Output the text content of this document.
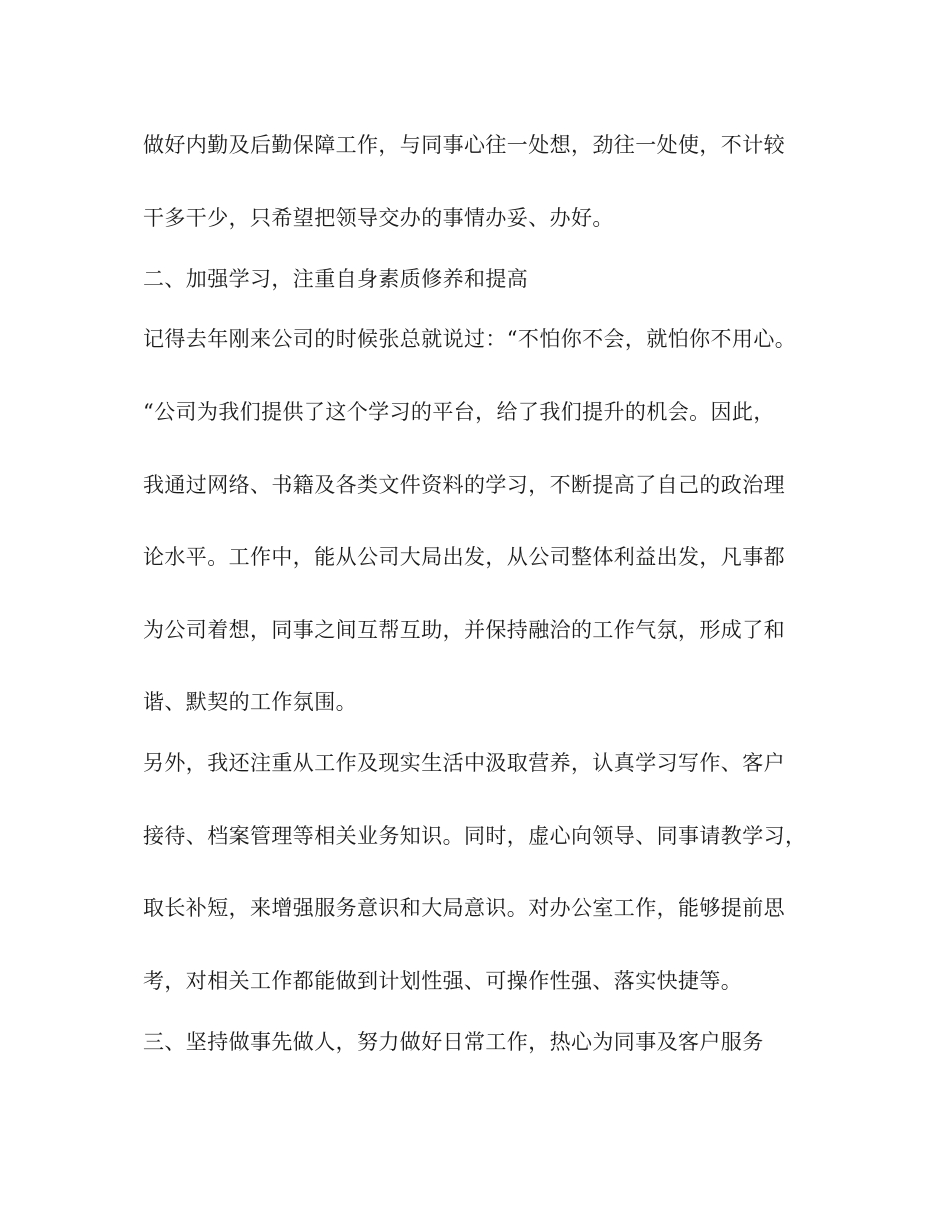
做好内勤及后勤保障工作，与同事心往一处想，劲往一处使，不计较
干多干少，只希望把领导交办的事情办妥、办好。
二、加强学习，注重自身素质修养和提高
记得去年刚来公司的时候张总就说过：“不怕你不会，就怕你不用心。
“公司为我们提供了这个学习的平台，给了我们提升的机会。因此，
我通过网络、书籍及各类文件资料的学习，不断提高了自己的政治理
论水平。工作中，能从公司大局出发，从公司整体利益出发，凡事都
为公司着想，同事之间互帮互助，并保持融洽的工作气氛，形成了和
谐、默契的工作氛围。
另外，我还注重从工作及现实生活中汲取营养，认真学习写作、客户
接待、档案管理等相关业务知识。同时，虚心向领导、同事请教学习，
取长补短，来增强服务意识和大局意识。对办公室工作，能够提前思
考，对相关工作都能做到计划性强、可操作性强、落实快捷等。
三、坚持做事先做人，努力做好日常工作，热心为同事及客户服务
